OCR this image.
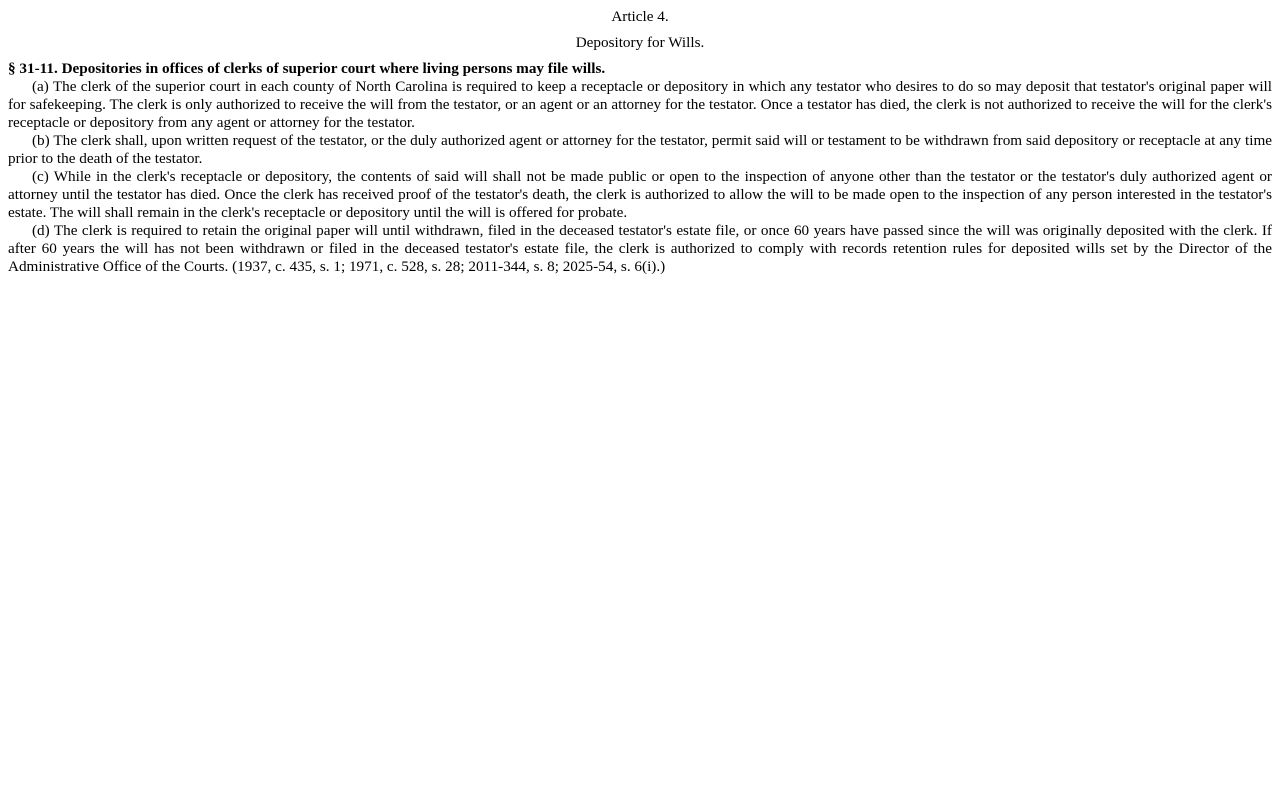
Article 4.

Depository for Wills.

§ 31-11. Depositories in offices of clerks of superior court where living persons may file wills.

(a) The clerk of the superior court in each county of North Carolina is required to keep a receptacle or depository in which any testator who desires to do so may deposit that testator's original paper will for safekeeping. The clerk is only authorized to receive the will from the testator, or an agent or an attorney for the testator. Once a testator has died, the clerk is not authorized to receive the will for the clerk's receptacle or depository from any agent or attorney for the testator.

(b) The clerk shall, upon written request of the testator, or the duly authorized agent or attorney for the testator, permit said will or testament to be withdrawn from said depository or receptacle at any time prior to the death of the testator.

(c) While in the clerk's receptacle or depository, the contents of said will shall not be made public or open to the inspection of anyone other than the testator or the testator's duly authorized agent or attorney until the testator has died. Once the clerk has received proof of the testator's death, the clerk is authorized to allow the will to be made open to the inspection of any person interested in the testator's estate. The will shall remain in the clerk's receptacle or depository until the will is offered for probate.

(d) The clerk is required to retain the original paper will until withdrawn, filed in the deceased testator's estate file, or once 60 years have passed since the will was originally deposited with the clerk. If after 60 years the will has not been withdrawn or filed in the deceased testator's estate file, the clerk is authorized to comply with records retention rules for deposited wills set by the Director of the Administrative Office of the Courts. (1937, c. 435, s. 1; 1971, c. 528, s. 28; 2011-344, s. 8; 2025-54, s. 6(i).)
